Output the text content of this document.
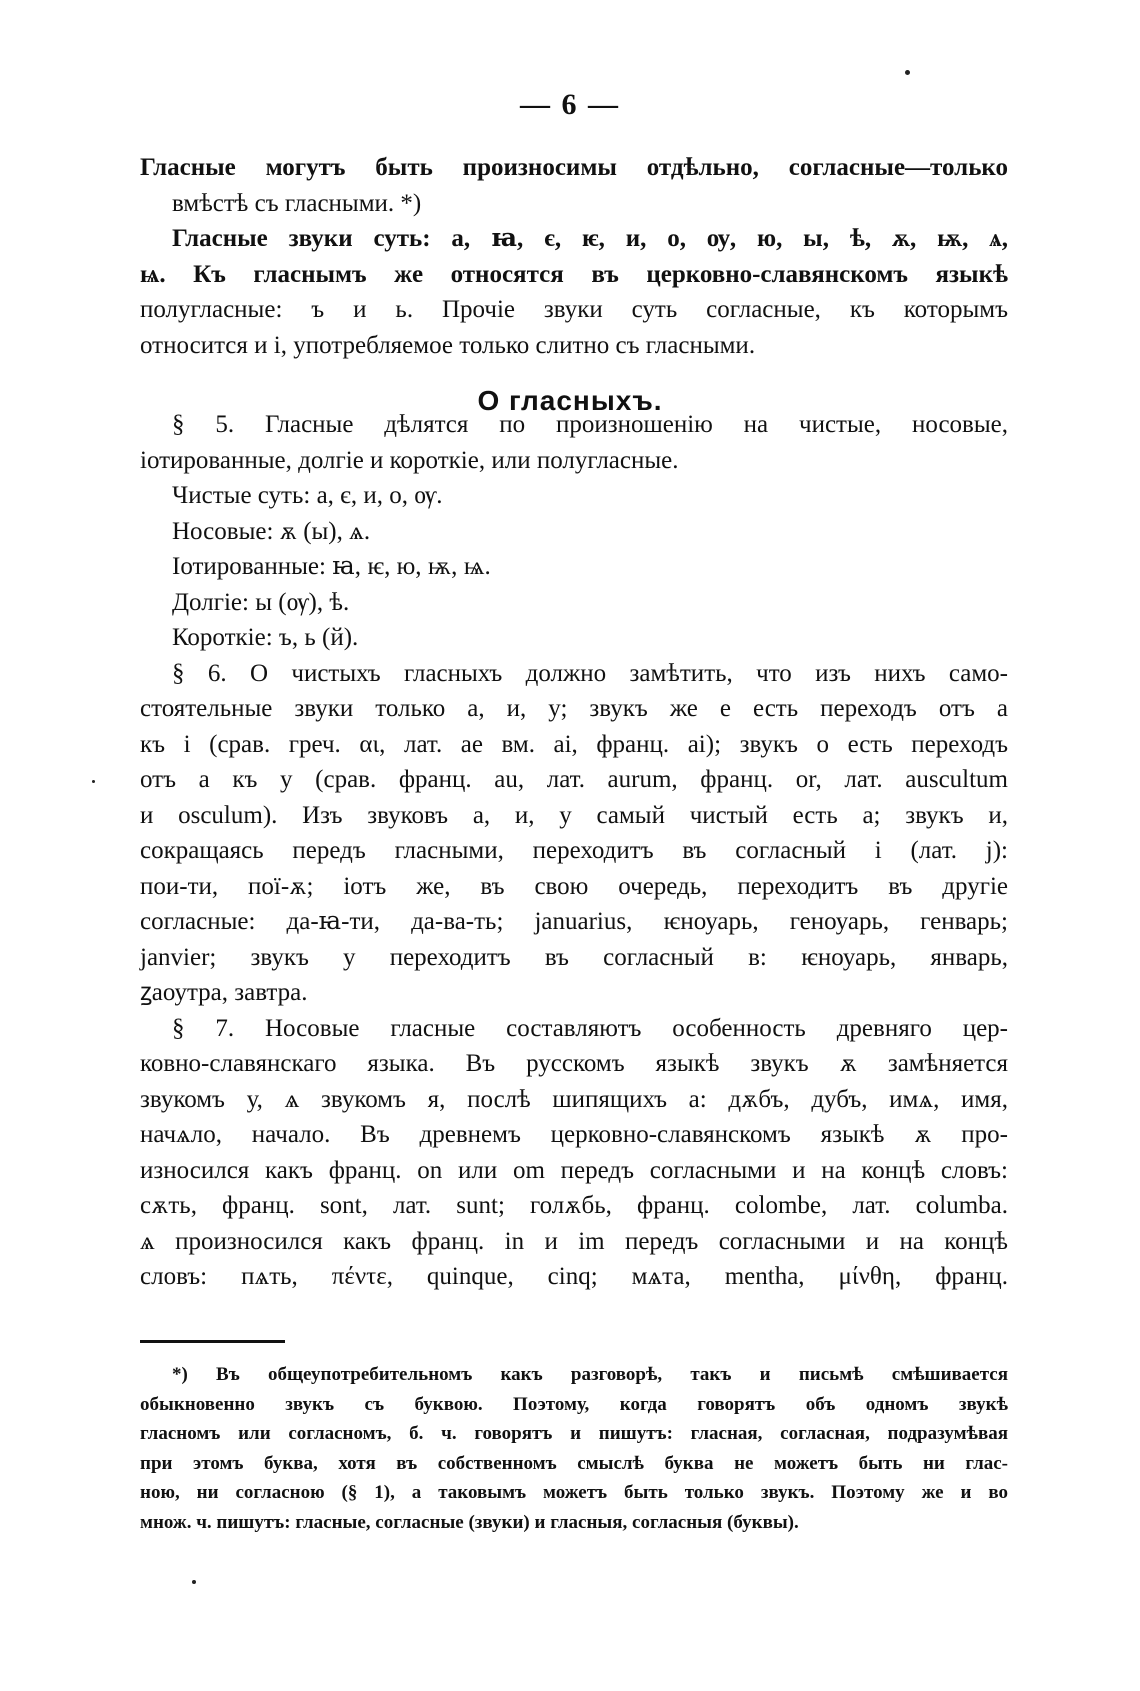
— 6 —
Гласные могутъ быть произносимы отдѣльно, согласные—только
вмѣстѣ съ гласными. *)
Гласные звуки суть: а, ꙗ, є, ѥ, и, о, ѹ, ю, ы, ѣ, ѫ, ѭ, ѧ,
ѩ. Къ гласнымъ же относятся въ церковно-славянскомъ языкѣ
полугласные: ъ и ь. Прочіе звуки суть согласные, къ которымъ
относится и і, употребляемое только слитно съ гласными.
О гласныхъ.
§ 5. Гласные дѣлятся по произношенію на чистые, носовые,
іотированные, долгіе и короткіе, или полугласные.
Чистые суть: а, є, и, о, ѹ.
Носовые: ѫ (ы), ѧ.
Іотированные: ꙗ, ѥ, ю, ѭ, ѩ.
Долгіе: ы (ѹ), ѣ.
Короткіе: ъ, ь (й).
§ 6. О чистыхъ гласныхъ должно замѣтить, что изъ нихъ само-
стоятельные звуки только а, и, у; звукъ же е есть переходъ отъ а
къ і (срав. греч. αι, лат. ae вм. ai, франц. ai); звукъ о есть переходъ
отъ а къ у (срав. франц. au, лат. aurum, франц. or, лат. auscultum
и osculum). Изъ звуковъ а, и, у самый чистый есть а; звукъ и,
сокращаясь передъ гласными, переходитъ въ согласный і (лат. j):
пои-ти, пої-ѫ; іотъ же, въ свою очередь, переходитъ въ другіе
согласные: да-ꙗ-ти, да-ва-ть; januarius, ѥноуарь, геноуарь, генварь;
janvier; звукъ у переходитъ въ согласный в: ѥноуарь, январь,
ꙁаоутра, завтра.
§ 7. Носовые гласные составляютъ особенность древняго цер-
ковно-славянскаго языка. Въ русскомъ языкѣ звукъ ѫ замѣняется
звукомъ у, ѧ звукомъ я, послѣ шипящихъ а: дѫбъ, дубъ, имѧ, имя,
начѧло, начало. Въ древнемъ церковно-славянскомъ языкѣ ѫ про-
износился какъ франц. on или om передъ согласными и на концѣ словъ:
сѫть, франц. sont, лат. sunt; голѫбь, франц. colombe, лат. columba.
ѧ произносился какъ франц. in и im передъ согласными и на концѣ
словъ: пѧть, πέντε, quinque, cinq; мѧта, mentha, μίνθη, франц.
*) Въ общеупотребительномъ какъ разговорѣ, такъ и письмѣ смѣшивается
обыкновенно звукъ съ буквою. Поэтому, когда говорятъ объ одномъ звукѣ
гласномъ или согласномъ, б. ч. говорятъ и пишутъ: гласная, согласная, подразумѣвая
при этомъ буква, хотя въ собственномъ смыслѣ буква не можетъ быть ни глас-
ною, ни согласною (§ 1), а таковымъ можетъ быть только звукъ. Поэтому же и во
множ. ч. пишутъ: гласные, согласные (звуки) и гласныя, согласныя (буквы).
